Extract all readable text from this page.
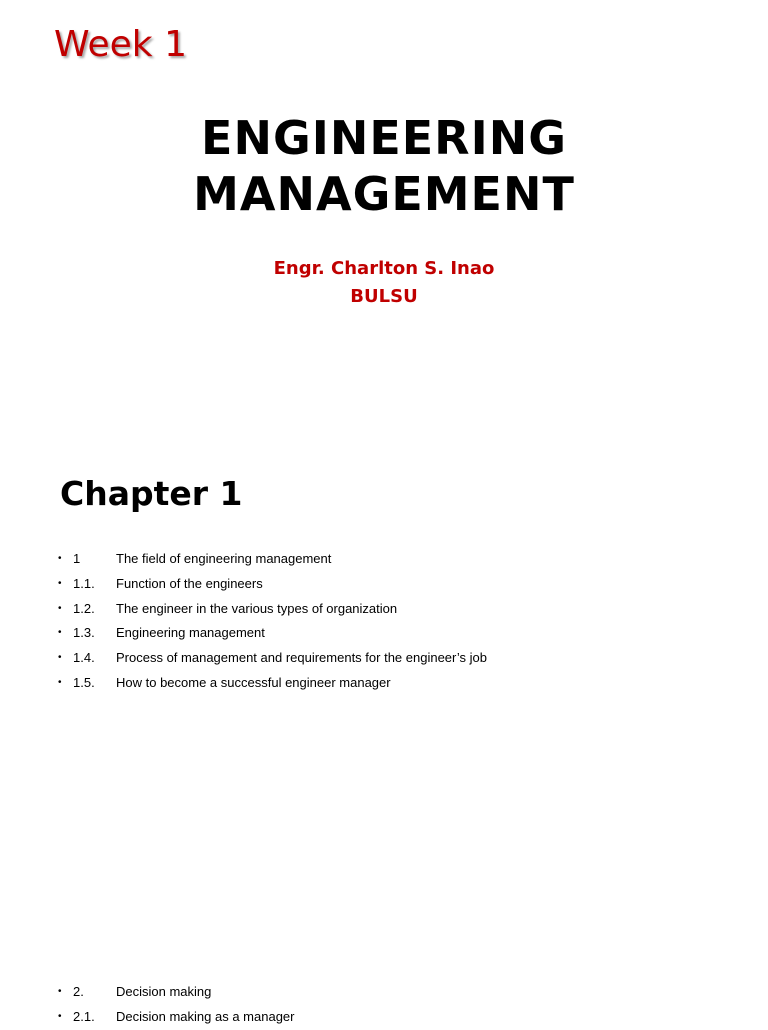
Week 1
ENGINEERING
MANAGEMENT
Engr. Charlton S. Inao
BULSU
Chapter 1
• 1	The field of engineering management
• 1.1. Function of the engineers
• 1.2. The engineer in the various types of organization
• 1.3. Engineering management
• 1.4. Process of management and requirements for the engineer’s job
• 1.5. How to become a successful engineer manager
• 2. Decision making
• 2.1. Decision making as a manager
